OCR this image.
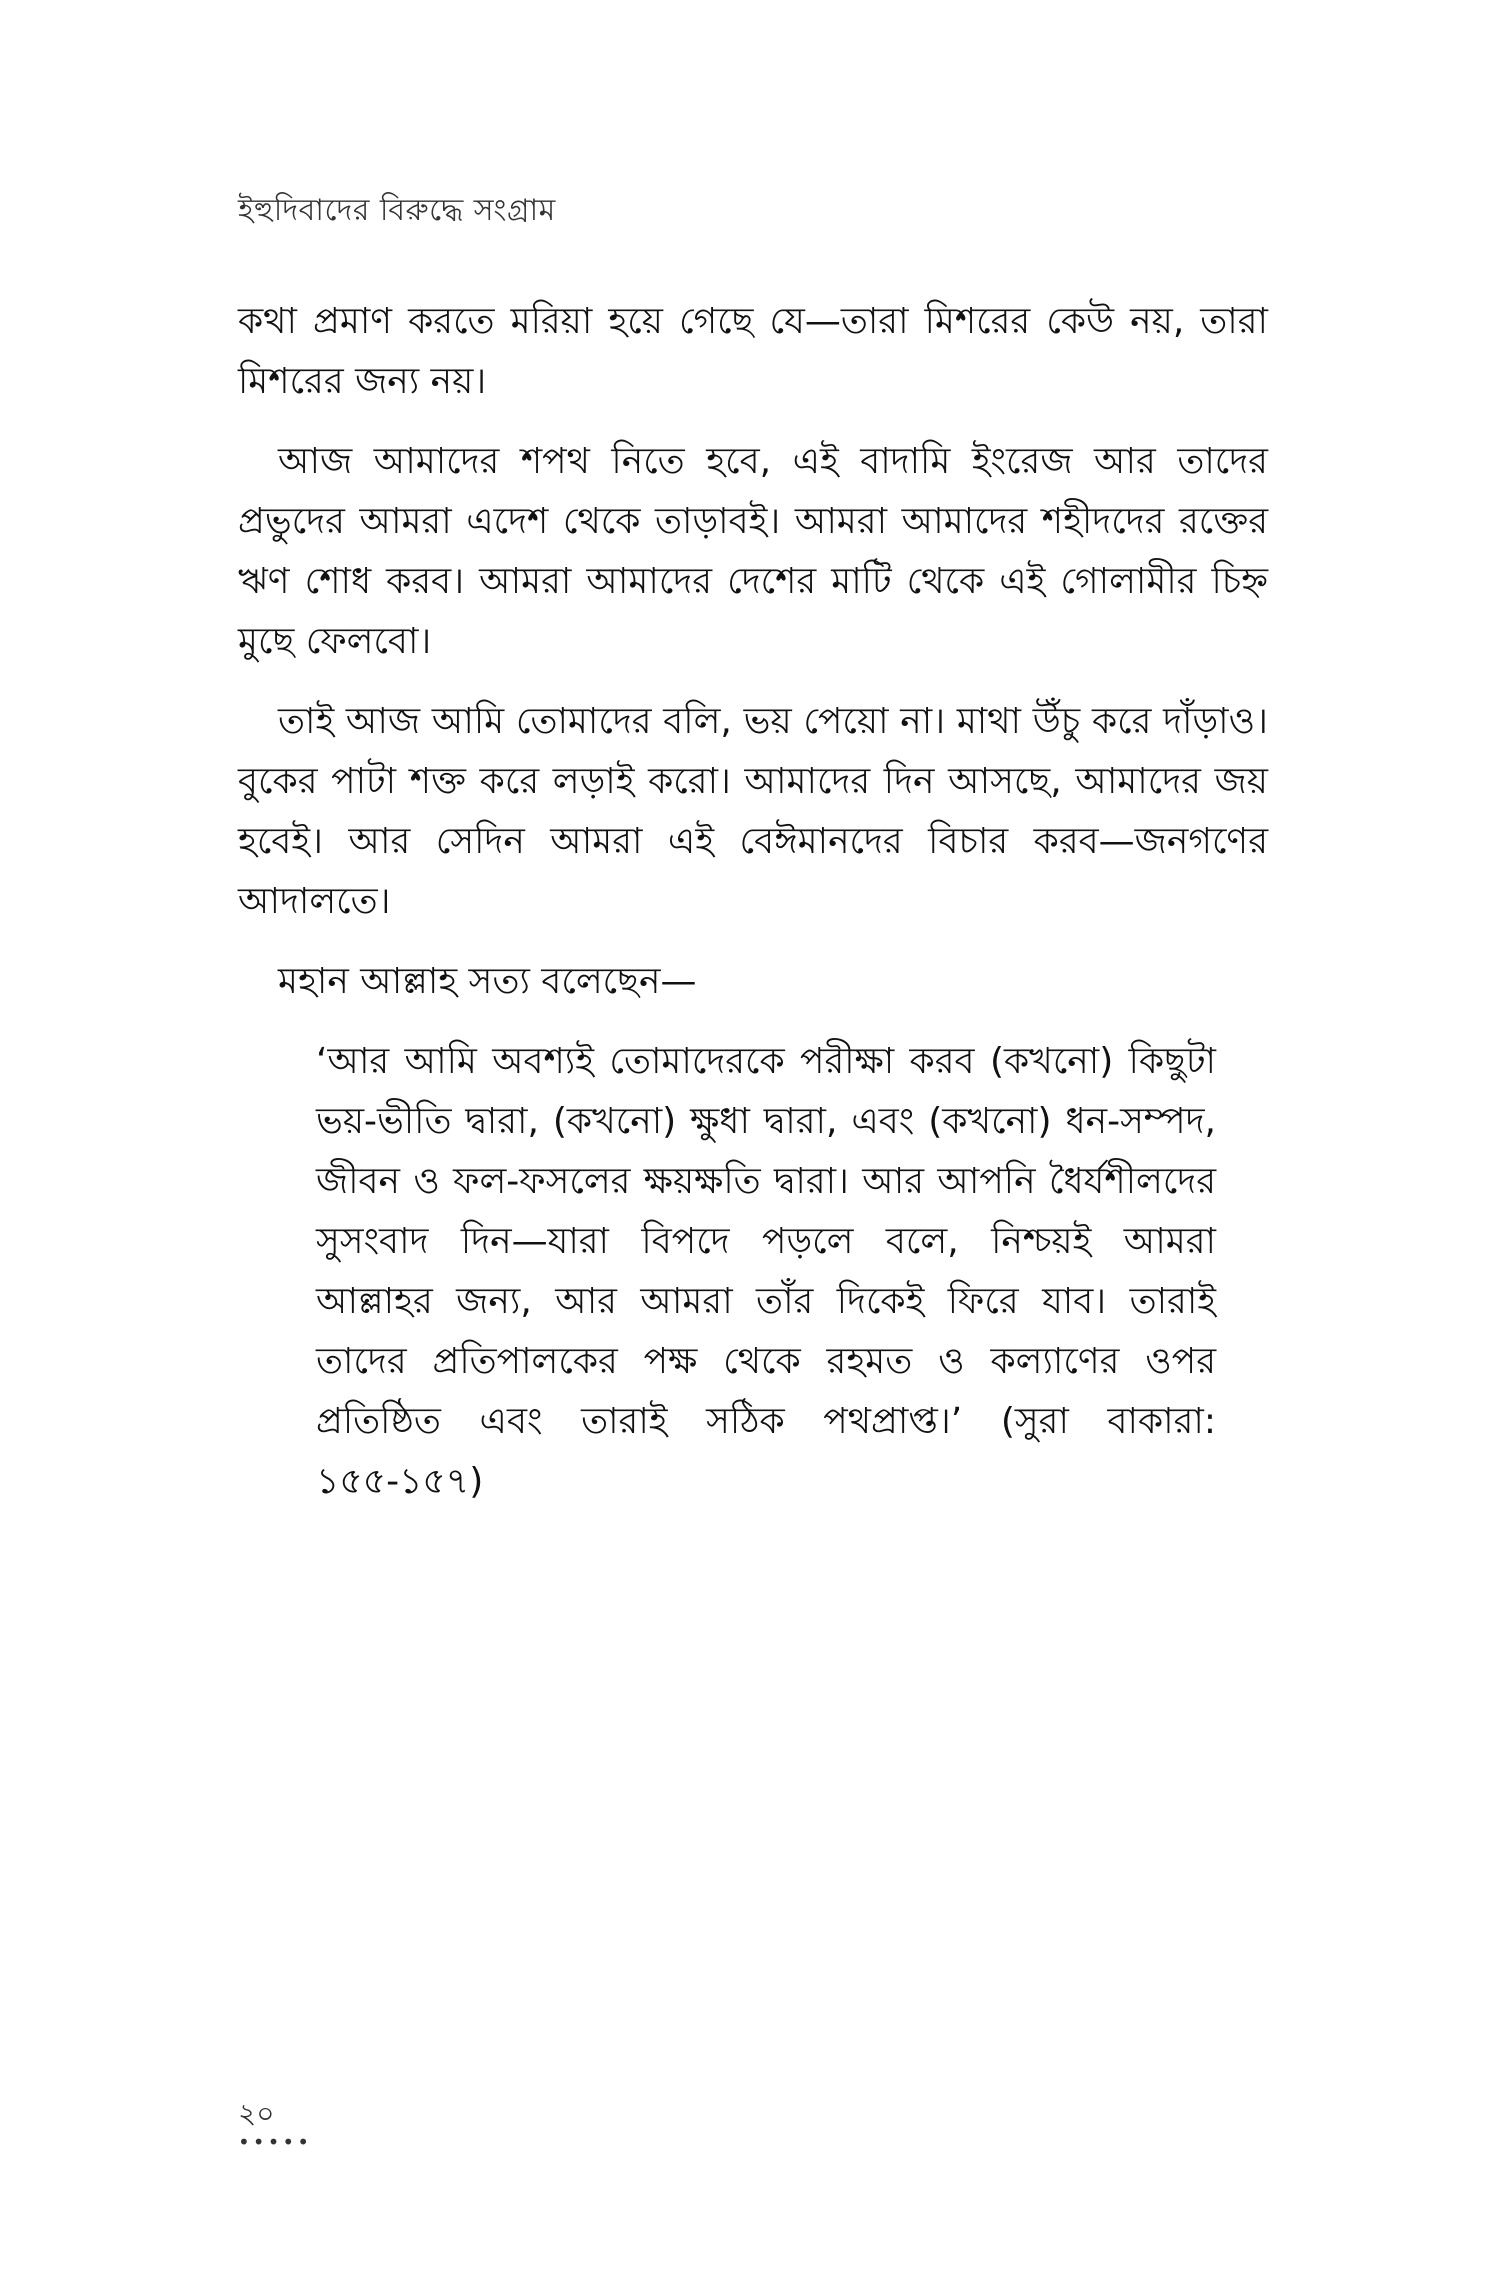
ইহুদিবাদের বিরুদ্ধে সংগ্রাম

কথা প্রমাণ করতে মরিয়া হয়ে গেছে যে—তারা মিশরের কেউ নয়, তারা মিশরের জন্য নয়।

আজ আমাদের শপথ নিতে হবে, এই বাদামি ইংরেজ আর তাদের প্রভুদের আমরা এদেশ থেকে তাড়াবই। আমরা আমাদের শহীদদের রক্তের ঋণ শোধ করব। আমরা আমাদের দেশের মাটি থেকে এই গোলামীর চিহ্ন মুছে ফেলবো।

তাই আজ আমি তোমাদের বলি, ভয় পেয়ো না। মাথা উঁচু করে দাঁড়াও। বুকের পাটা শক্ত করে লড়াই করো। আমাদের দিন আসছে, আমাদের জয় হবেই। আর সেদিন আমরা এই বেঈমানদের বিচার করব—জনগণের আদালতে।

মহান আল্লাহ সত্য বলেছেন—

‘আর আমি অবশ্যই তোমাদেরকে পরীক্ষা করব (কখনো) কিছুটা ভয়-ভীতি দ্বারা, (কখনো) ক্ষুধা দ্বারা, এবং (কখনো) ধন-সম্পদ, জীবন ও ফল-ফসলের ক্ষয়ক্ষতি দ্বারা। আর আপনি ধৈর্যশীলদের সুসংবাদ দিন—যারা বিপদে পড়লে বলে, নিশ্চয়ই আমরা আল্লাহর জন্য, আর আমরা তাঁর দিকেই ফিরে যাব। তারাই তাদের প্রতিপালকের পক্ষ থেকে রহমত ও কল্যাণের ওপর প্রতিষ্ঠিত এবং তারাই সঠিক পথপ্রাপ্ত।’ (সুরা বাকারা: ১৫৫-১৫৭)

২০
•••••
